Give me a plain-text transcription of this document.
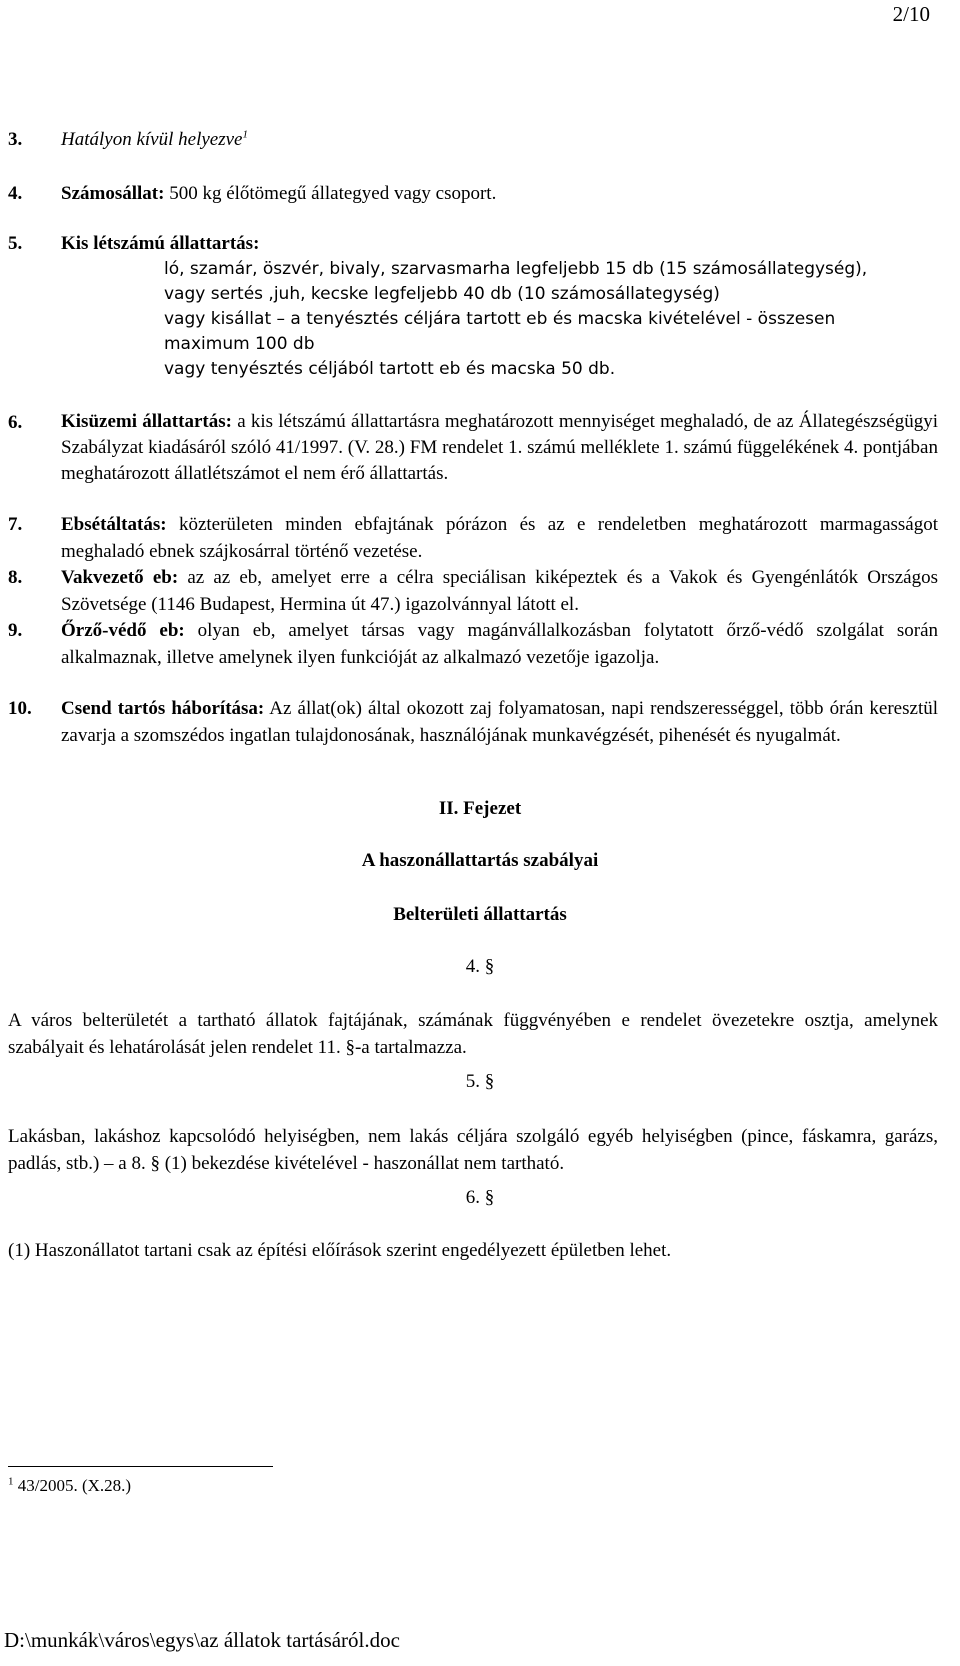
2/10
3. Hatályon kívül helyezve$^1$
4. Számosállat: 500 kg élőtömegű állategyed vagy csoport.
5. Kis létszámú állattartás:
ló, szamár, öszvér, bivaly, szarvasmarha legfeljebb 15 db (15 számosállategység),
vagy sertés ,juh, kecske legfeljebb 40 db (10 számosállategység)
vagy kisállat – a tenyésztés céljára tartott eb és macska kivételével - összesen
maximum 100 db
vagy tenyésztés céljából tartott eb és macska 50 db.
6. Kisüzemi állattartás: a kis létszámú állattartásra meghatározott mennyiséget meghaladó, de az Állategészségügyi Szabályzat kiadásáról szóló 41/1997. (V. 28.) FM rendelet 1. számú melléklete 1. számú függelékének 4. pontjában meghatározott állatlétszámot el nem érő állattartás.
7. Ebsétáltatás: közterületen minden ebfajtának pórázon és az e rendeletben meghatározott marmagasságot meghaladó ebnek szájkosárral történő vezetése.
8. Vakvezető eb: az az eb, amelyet erre a célra speciálisan kiképeztek és a Vakok és Gyengénlátók Országos Szövetsége (1146 Budapest, Hermina út 47.) igazolvánnyal látott el.
9. Őrző-védő eb: olyan eb, amelyet társas vagy magánvállalkozásban folytatott őrző-védő szolgálat során alkalmaznak, illetve amelynek ilyen funkcióját az alkalmazó vezetője igazolja.
10. Csend tartós háborítása: Az állat(ok) által okozott zaj folyamatosan, napi rendszerességgel, több órán keresztül zavarja a szomszédos ingatlan tulajdonosának, használójának munkavégzését, pihenését és nyugalmát.
II. Fejezet
A haszonállattartás szabályai
Belterületi állattartás
4. §
A város belterületét a tartható állatok fajtájának, számának függvényében e rendelet övezetekre osztja, amelynek szabályait és lehatárolását jelen rendelet 11. §-a tartalmazza.
5. §
Lakásban, lakáshoz kapcsolódó helyiségben, nem lakás céljára szolgáló egyéb helyiségben (pince, fáskamra, garázs, padlás, stb.) – a 8. § (1) bekezdése kivételével - haszonállat nem tartható.
6. §
(1) Haszonállatot tartani csak az építési előírások szerint engedélyezett épületben lehet.
$^1$ 43/2005. (X.28.)
D:\munkák\város\egys\az állatok tartásáról.doc
